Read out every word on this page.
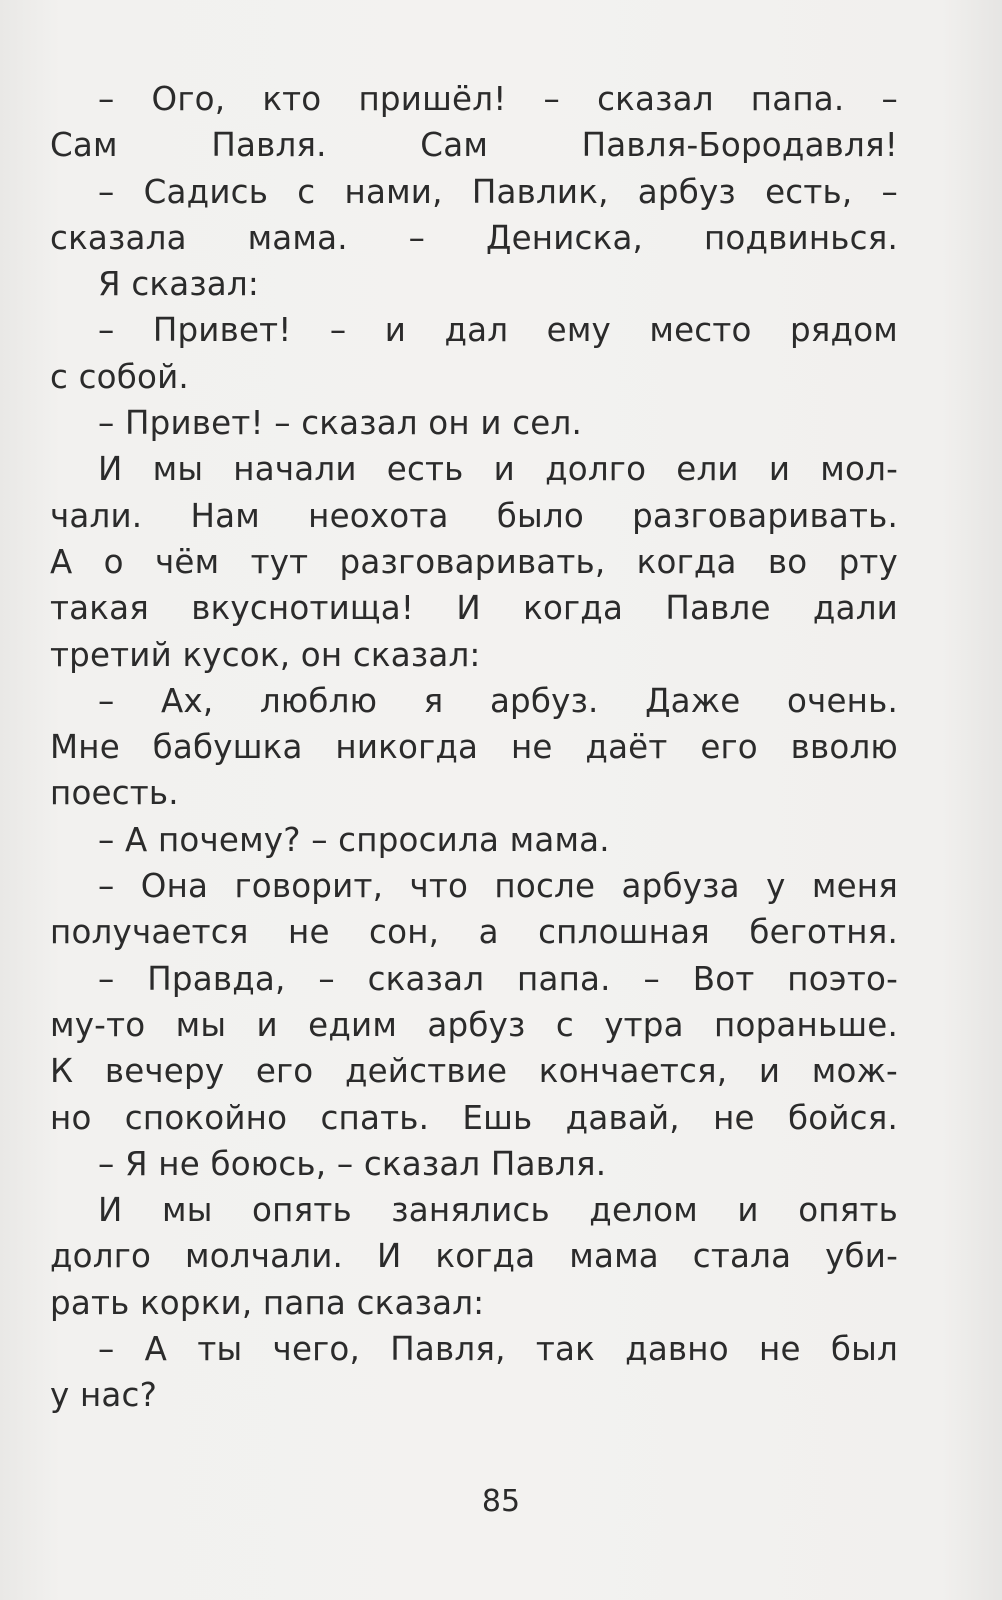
– Ого, кто пришёл! – сказал папа. –
Сам Павля. Сам Павля-Бородавля!
– Садись с нами, Павлик, арбуз есть, –
сказала мама. – Дениска, подвинься.
Я сказал:
– Привет! – и дал ему место рядом
с собой.
– Привет! – сказал он и сел.
И мы начали есть и долго ели и мол-
чали. Нам неохота было разговаривать.
А о чём тут разговаривать, когда во рту
такая вкуснотища! И когда Павле дали
третий кусок, он сказал:
– Ах, люблю я арбуз. Даже очень.
Мне бабушка никогда не даёт его вволю
поесть.
– А почему? – спросила мама.
– Она говорит, что после арбуза у меня
получается не сон, а сплошная беготня.
– Правда, – сказал папа. – Вот поэто-
му-то мы и едим арбуз с утра пораньше.
К вечеру его действие кончается, и мож-
но спокойно спать. Ешь давай, не бойся.
– Я не боюсь, – сказал Павля.
И мы опять занялись делом и опять
долго молчали. И когда мама стала уби-
рать корки, папа сказал:
– А ты чего, Павля, так давно не был
у нас?
85
